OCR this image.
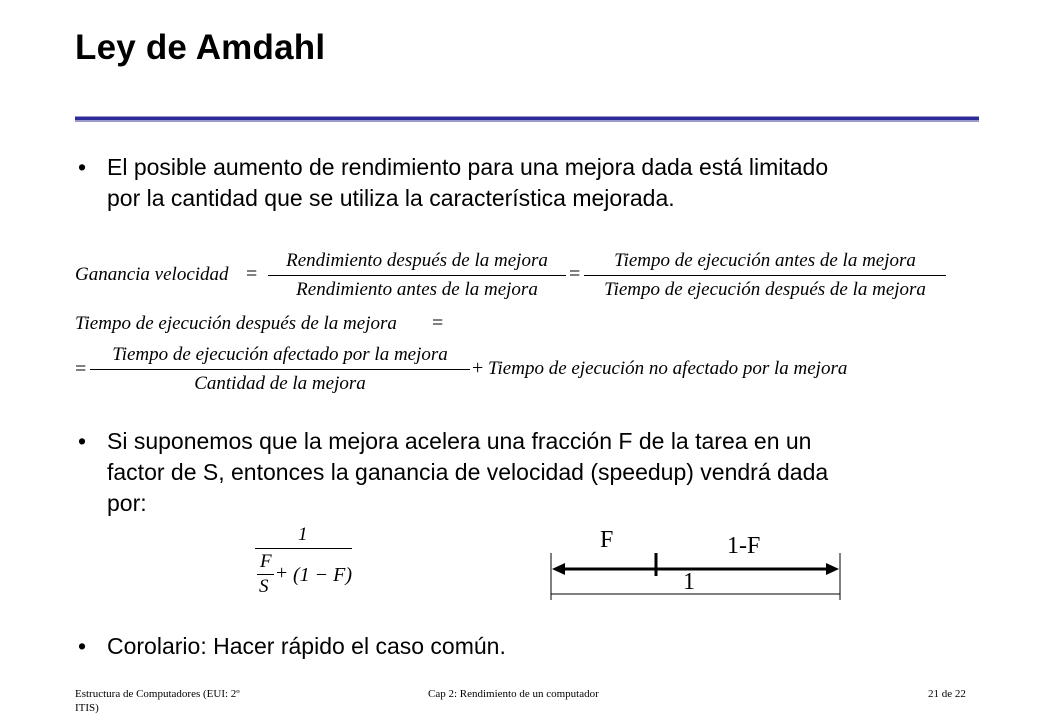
Ley de Amdahl
• El posible aumento de rendimiento para una mejora dada está limitado
por la cantidad que se utiliza la característica mejorada.
Ganancia velocidad =
Rendimiento después de la mejora
Rendimiento antes de la mejora
=
Tiempo de ejecución antes de la mejora
Tiempo de ejecución después de la mejora
Tiempo de ejecución después de la mejora =
=
Tiempo de ejecución afectado por la mejora
Cantidad de la mejora
+ Tiempo de ejecución no afectado por la mejora
• Si suponemos que la mejora acelera una fracción F de la tarea en un
factor de S, entonces la ganancia de velocidad (speedup) vendrá dada
por:
1
F
S
+ (1 − F)
F	1-F
1
• Corolario: Hacer rápido el caso común.
Estructura de Computadores (EUI: 2º
ITIS)
Cap 2: Rendimiento de un computador	21 de 22
